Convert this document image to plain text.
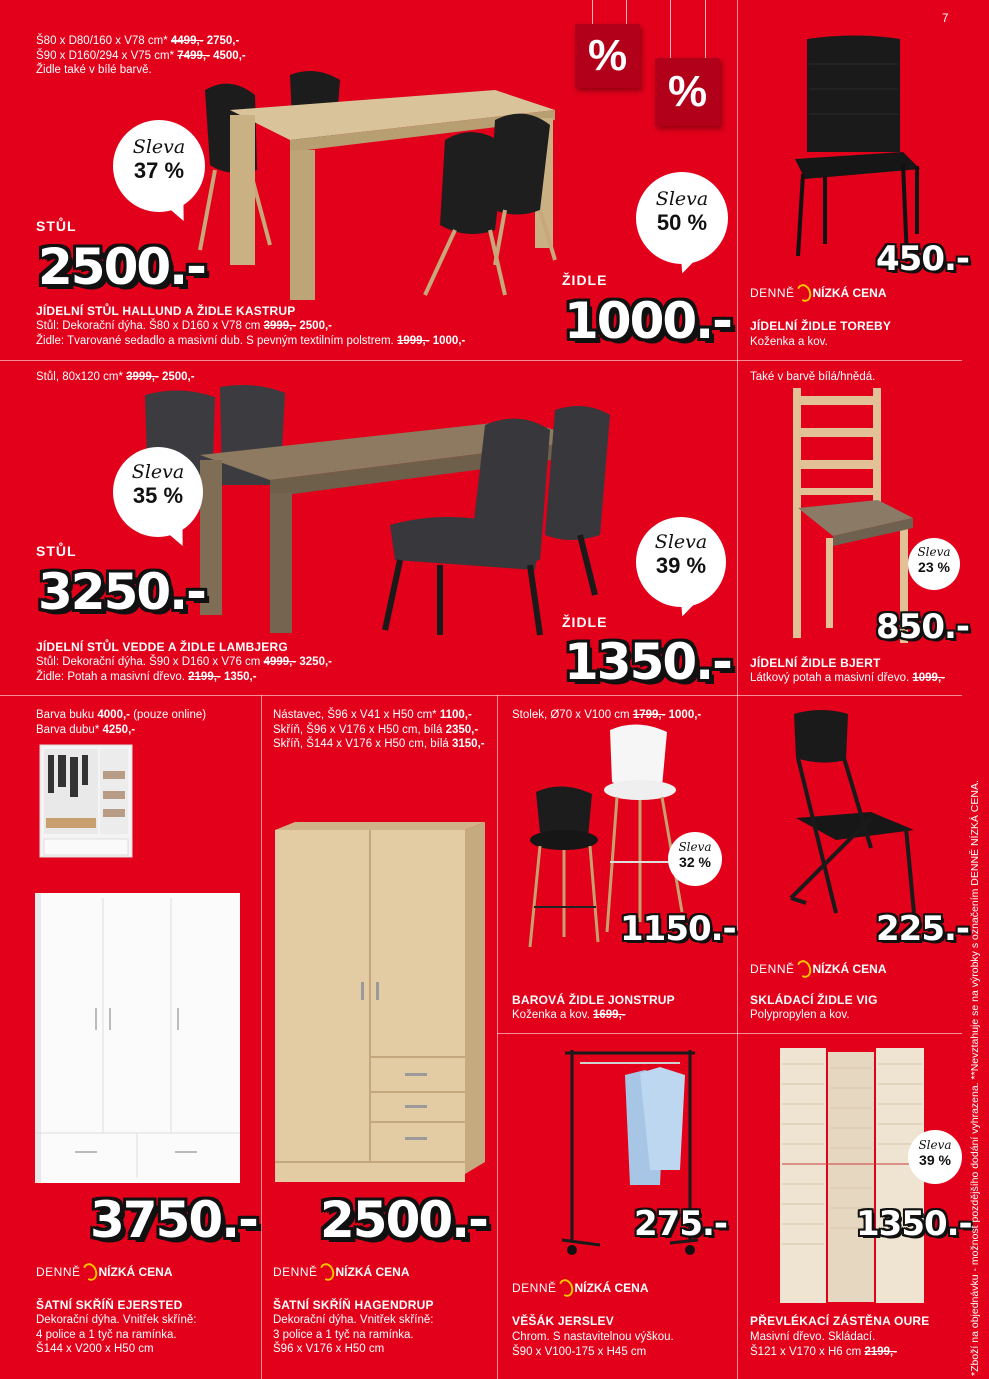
7
Š80 x D80/160 x V78 cm* 4499,- 2750,-
Š90 x D160/294 x V75 cm* 7499,- 4500,-
Židle také v bílé barvě.	%
%
Sleva
37 %
STŮL
2500.-
Sleva
50 %
ŽIDLE
1000.-
JÍDELNÍ STŮL HALLUND A ŽIDLE KASTRUP
Stůl: Dekorační dýha. Š80 x D160 x V78 cm 3999,- 2500,-
Židle: Tvarované sedadlo a masivní dub. S pevným textilním polstrem. 1999,- 1000,-
450.-
DENNĚ NÍZKÁ CENA
JÍDELNÍ ŽIDLE TOREBY
Koženka a kov.
Stůl, 80x120 cm* 3999,- 2500,-
Sleva
35 %
STŮL
3250.-
Sleva
39 %
ŽIDLE
1350.-
JÍDELNÍ STŮL VEDDE A ŽIDLE LAMBJERG
Stůl: Dekorační dýha. Š90 x D160 x V76 cm 4999,- 3250,-
Židle: Potah a masivní dřevo. 2199,- 1350,-
Také v barvě bílá/hnědá.
Sleva
23 %
850.-
JÍDELNÍ ŽIDLE BJERT
Látkový potah a masivní dřevo. 1099,-
Barva buku 4000,- (pouze online)
Barva dubu* 4250,-
3750.-
DENNĚ NÍZKÁ CENA
ŠATNÍ SKŘÍŇ EJERSTED
Dekorační dýha. Vnitřek skříně:
4 police a 1 tyč na ramínka.
Š144 x V200 x H50 cm
Nástavec, Š96 x V41 x H50 cm* 1100,-
Skříň, Š96 x V176 x H50 cm, bílá 2350,-
Skříň, Š144 x V176 x H50 cm, bílá 3150,-
2500.-
DENNĚ NÍZKÁ CENA
ŠATNÍ SKŘÍŇ HAGENDRUP
Dekorační dýha. Vnitřek skříně:
3 police a 1 tyč na ramínka.
Š96 x V176 x H50 cm
Stolek, Ø70 x V100 cm 1799,- 1000,-
Sleva
32 %
1150.-
BAROVÁ ŽIDLE JONSTRUP
Koženka a kov. 1699,-
225.-
DENNĚ NÍZKÁ CENA
SKLÁDACÍ ŽIDLE VIG
Polypropylen a kov.
275.-
DENNĚ NÍZKÁ CENA
VĚŠÁK JERSLEV
Chrom. S nastavitelnou výškou.
Š90 x V100-175 x H45 cm
Sleva
39 %
1350.-
PŘEVLÉKACÍ ZÁSTĚNA OURE
Masivní dřevo. Skládací.
Š121 x V170 x H6 cm 2199,-	*Zboží na objednávku - možnost pozdějšího dodání vyhrazena. **Nevztahuje se na výrobky s označením DENNĚ NÍZKÁ CENA.
